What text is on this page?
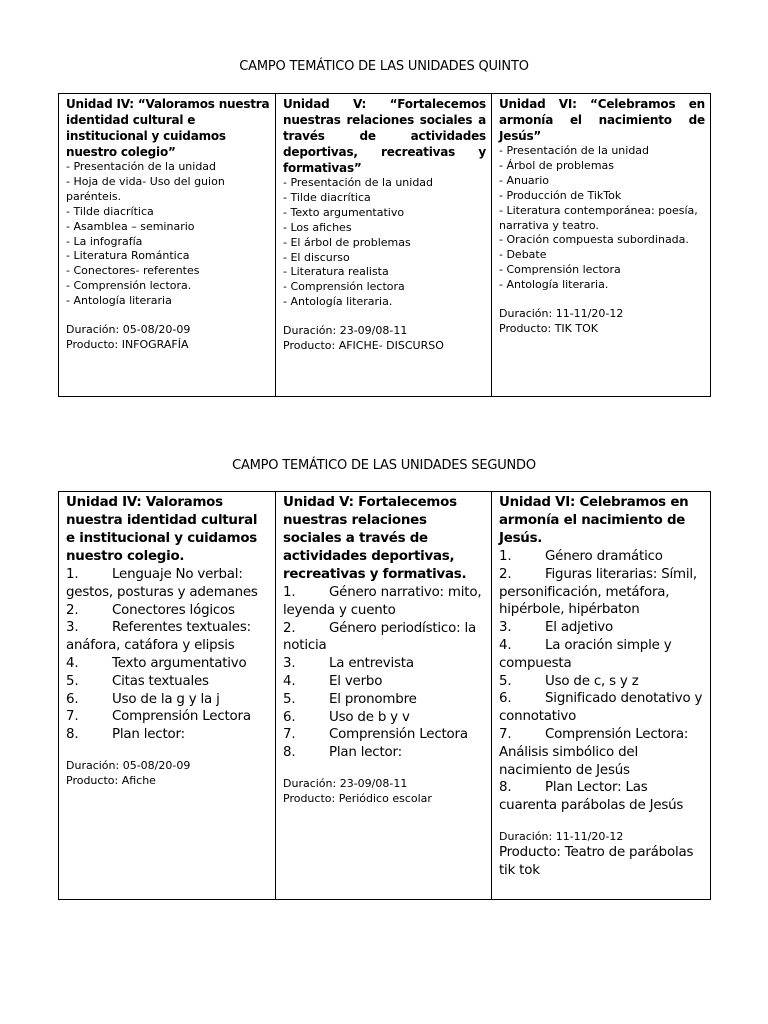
CAMPO TEMÁTICO DE LAS UNIDADES QUINTO
Unidad IV: “Valoramos nuestra identidad cultural e institucional y cuidamos nuestro colegio”
- Presentación de la unidad
- Hoja de vida- Uso del guion parénteis.
- Tilde diacrítica
- Asamblea – seminario
- La infografía
- Literatura Romántica
- Conectores- referentes
- Comprensión lectora.
- Antología literaria
Duración: 05-08/20-09
Producto: INFOGRAFÍA

Unidad V: “Fortalecemos nuestras relaciones sociales a través de actividades deportivas, recreativas y formativas”
- Presentación de la unidad
- Tilde diacrítica
- Texto argumentativo
- Los afiches
- El árbol de problemas
- El discurso
- Literatura realista
- Comprensión lectora
- Antología literaria.
Duración: 23-09/08-11
Producto: AFICHE- DISCURSO

Unidad VI: “Celebramos en armonía el nacimiento de Jesús”
- Presentación de la unidad
- Árbol de problemas
- Anuario
- Producción de TikTok
- Literatura contemporánea: poesía, narrativa y teatro.
- Oración compuesta subordinada.
- Debate
- Comprensión lectora
- Antología literaria.
Duración: 11-11/20-12
Producto: TIK TOK
CAMPO TEMÁTICO DE LAS UNIDADES SEGUNDO
Unidad IV: Valoramos nuestra identidad cultural e institucional y cuidamos nuestro colegio.
1.	Lenguaje No verbal: gestos, posturas y ademanes
2.	Conectores lógicos
3.	Referentes textuales: anáfora, catáfora y elipsis
4.	Texto argumentativo
5.	Citas textuales
6.	Uso de la g y la j
7.	Comprensión Lectora
8.	Plan lector:
Duración: 05-08/20-09
Producto: Afiche

Unidad V: Fortalecemos nuestras relaciones sociales a través de actividades deportivas, recreativas y formativas.
1.	Género narrativo: mito, leyenda y cuento
2.	Género periodístico: la noticia
3.	La entrevista
4.	El verbo
5.	El pronombre
6.	Uso de b y v
7.	Comprensión Lectora
8.	Plan lector:
Duración: 23-09/08-11
Producto: Periódico escolar

Unidad VI: Celebramos en armonía el nacimiento de Jesús.
1.	Género dramático
2.	Figuras literarias: Símil, personificación, metáfora, hipérbole, hipérbaton
3.	El adjetivo
4.	La oración simple y compuesta
5.	Uso de c, s y z
6.	Significado denotativo y connotativo
7.	Comprensión Lectora: Análisis simbólico del nacimiento de Jesús
8.	Plan Lector: Las cuarenta parábolas de Jesús
Duración: 11-11/20-12
Producto: Teatro de parábolas tik tok
